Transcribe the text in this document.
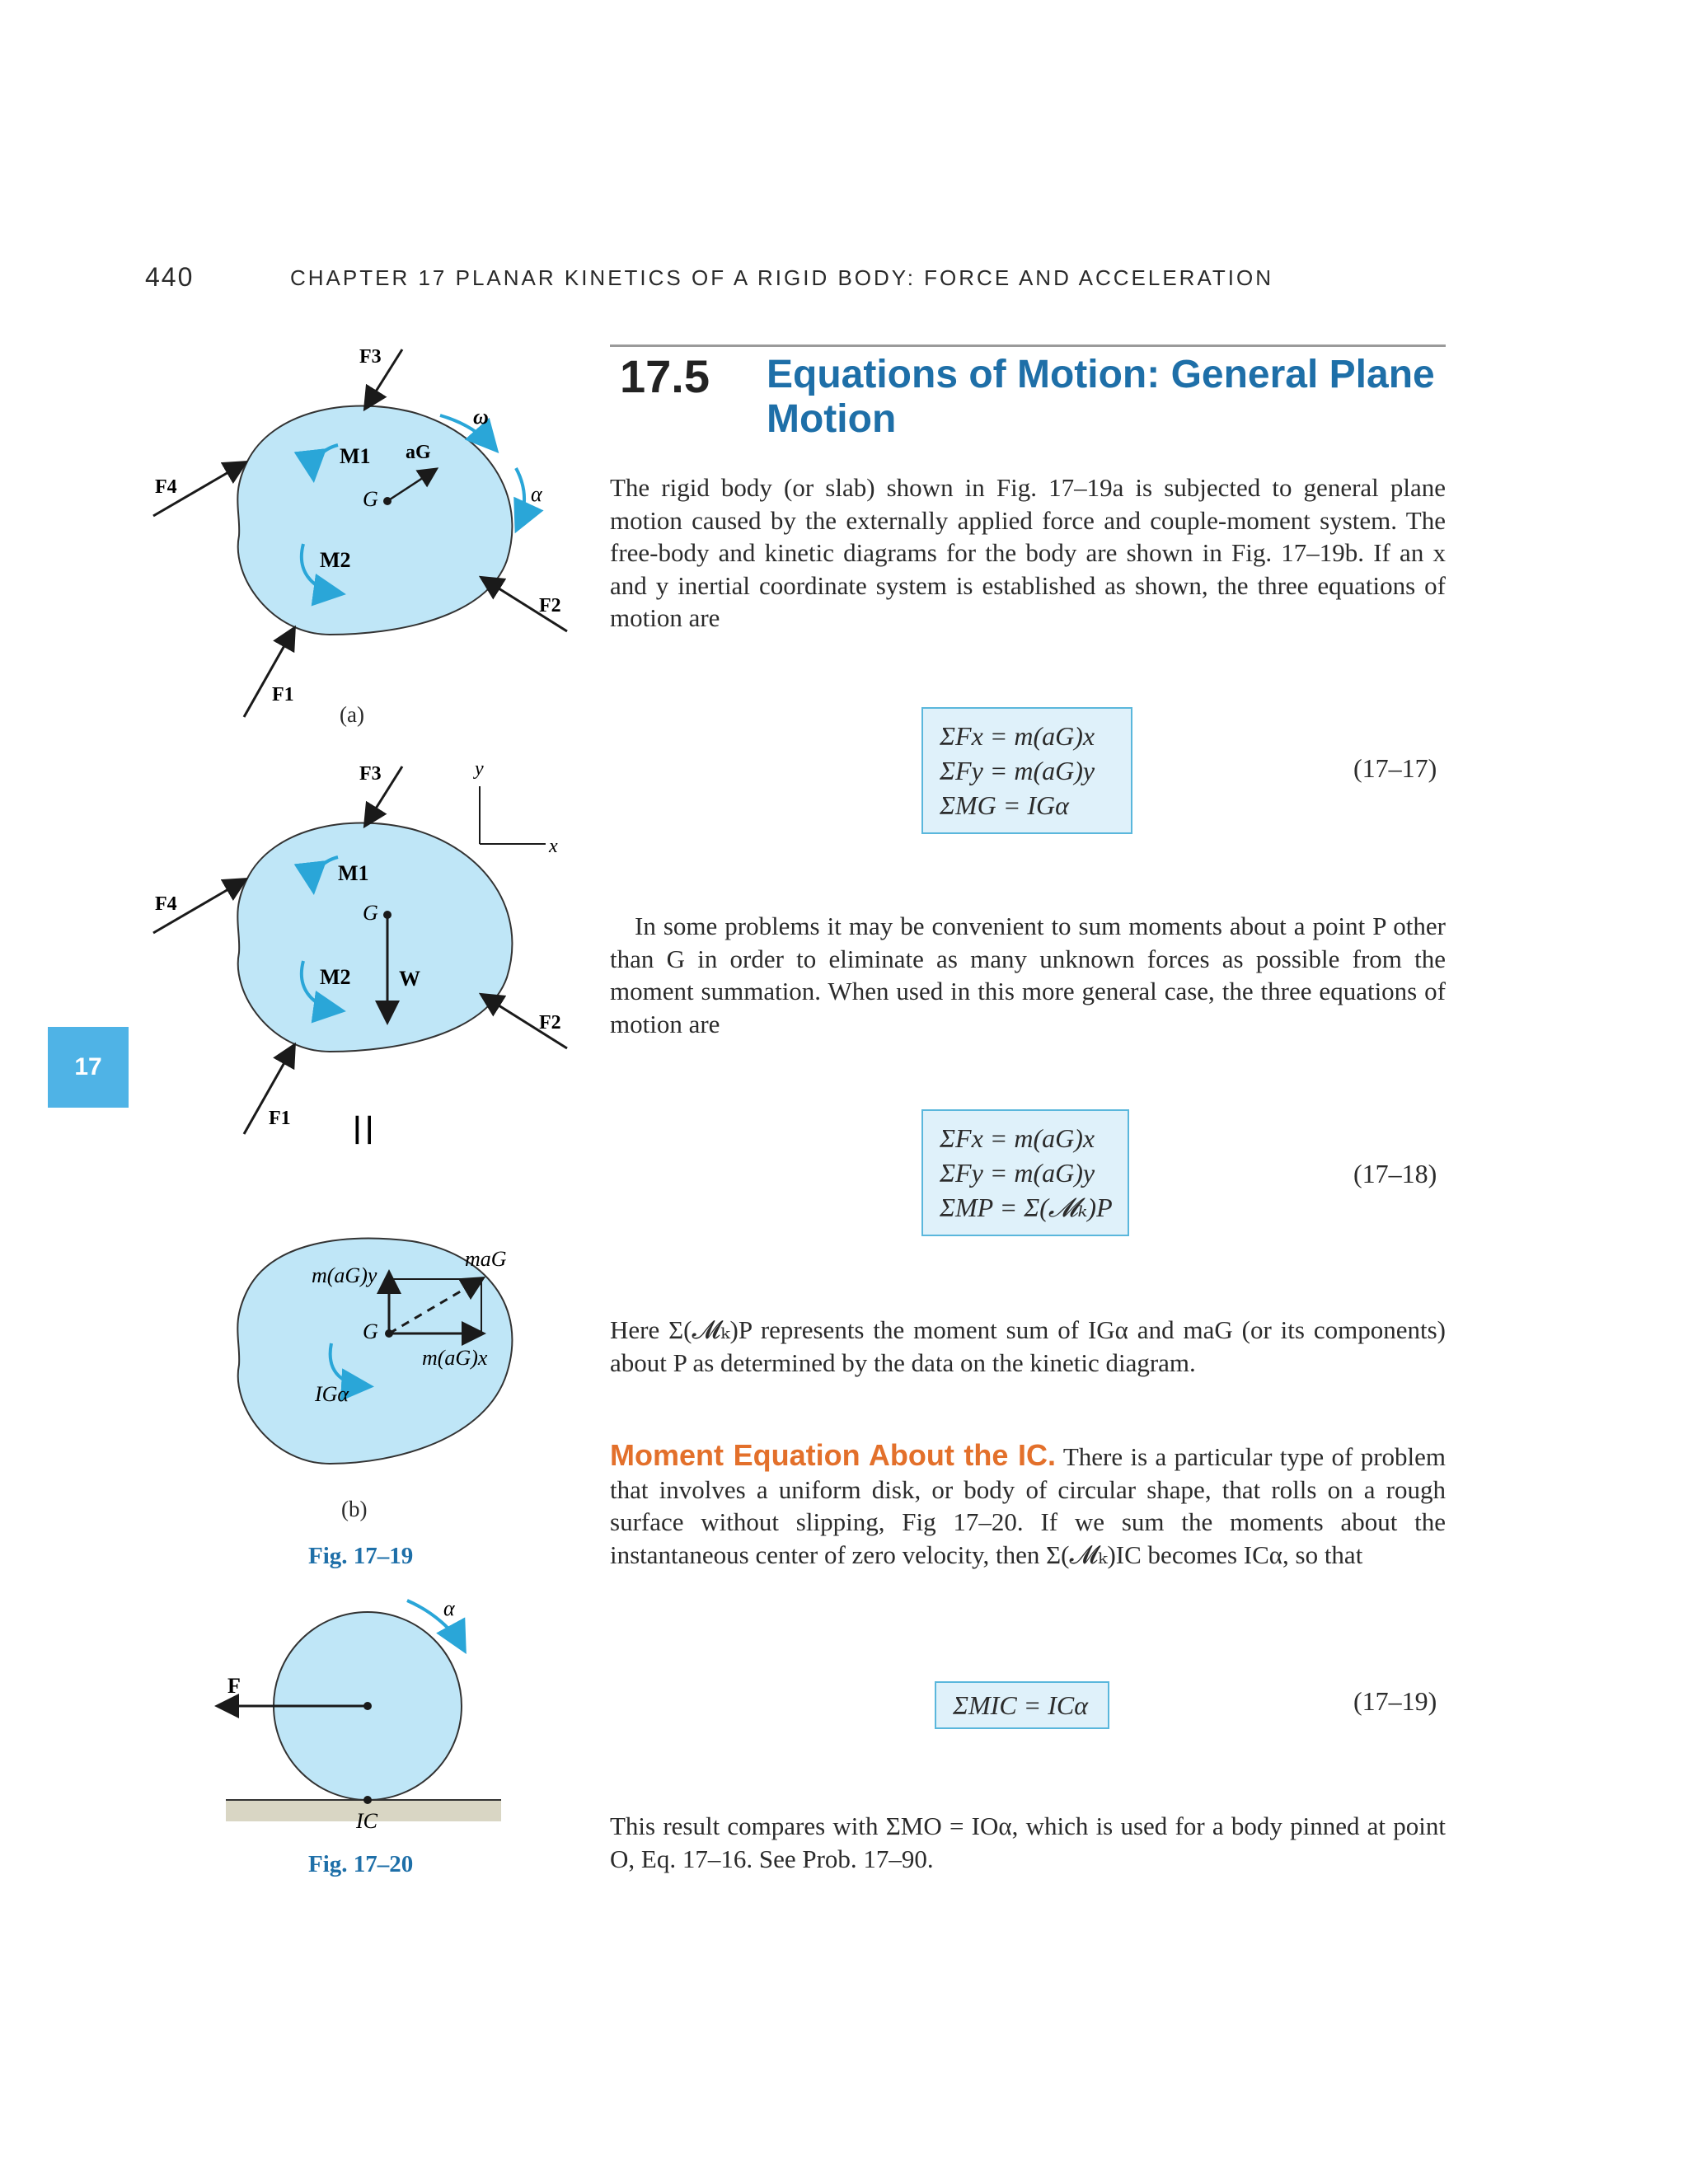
440	CHAPTER 17 PLANAR KINETICS OF A RIGID BODY: FORCE AND ACCELERATION
17
17.5 Equations of Motion: General Plane Motion
The rigid body (or slab) shown in Fig. 17–19a is subjected to general plane motion caused by the externally applied force and couple-moment system. The free-body and kinetic diagrams for the body are shown in Fig. 17–19b. If an x and y inertial coordinate system is established as shown, the three equations of motion are
ΣFx = m(aG)x
ΣFy = m(aG)y
ΣMG = IGα
(17–17)
In some problems it may be convenient to sum moments about a point P other than G in order to eliminate as many unknown forces as possible from the moment summation. When used in this more general case, the three equations of motion are
ΣFx = m(aG)x
ΣFy = m(aG)y
ΣMP = Σ(𝓜ₖ)P
(17–18)
Here Σ(𝓜ₖ)P represents the moment sum of IGα and maG (or its components) about P as determined by the data on the kinetic diagram.
Moment Equation About the IC. There is a particular type of problem that involves a uniform disk, or body of circular shape, that rolls on a rough surface without slipping, Fig 17–20. If we sum the moments about the instantaneous center of zero velocity, then Σ(𝓜ₖ)IC becomes ICα, so that
ΣMIC = ICα	(17–19)
This result compares with ΣMO = IOα, which is used for a body pinned at point O, Eq. 17–16. See Prob. 17–90.
F3
F4
F2
F1
M1
M2
aG
G
ω
α
F3
F4
F2
F1
M1
M2
G
W
y
x
=
m(aG)y
maG
G
m(aG)x
IGα
F
α
IC
(a)
(b)
Fig. 17–19
Fig. 17–20
